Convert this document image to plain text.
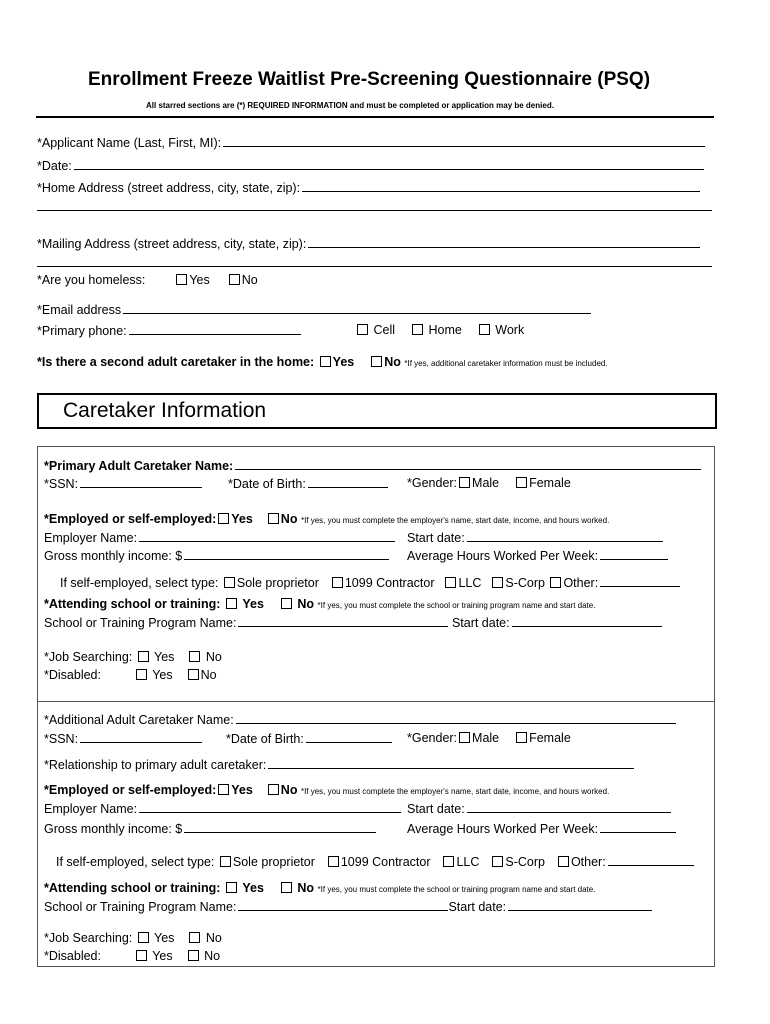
Enrollment Freeze Waitlist Pre-Screening Questionnaire (PSQ)
All starred sections are (*) REQUIRED INFORMATION and must be completed or application may be denied.
*Applicant Name (Last, First, MI):
*Date:
*Home Address (street address, city, state, zip):
*Mailing Address (street address, city, state, zip):
*Are you homeless:	Yes	No
*Email address
*Primary phone:	Cell	Home	Work
*Is there a second adult caretaker in the home: Yes No *If yes, additional caretaker information must be included.
Caretaker Information
*Primary Adult Caretaker Name:
*SSN:	*Date of Birth:	*Gender: Male Female
*Employed or self-employed: Yes No *If yes, you must complete the employer's name, start date, income, and hours worked.
Employer Name:	Start date:
Gross monthly income: $	Average Hours Worked Per Week:
If self-employed, select type: Sole proprietor 1099 Contractor LLC S-Corp Other:
*Attending school or training: Yes	No *If yes, you must complete the school or training program name and start date.
School or Training Program Name:	Start date:
*Job Searching: Yes	No
*Disabled:	Yes No
*Additional Adult Caretaker Name:
*SSN:	*Date of Birth:	*Gender: Male Female
*Relationship to primary adult caretaker:
*Employed or self-employed: Yes No *If yes, you must complete the employer's name, start date, income, and hours worked.
Employer Name:	Start date:
Gross monthly income: $	Average Hours Worked Per Week:
If self-employed, select type: Sole proprietor 1099 Contractor LLC S-Corp Other:
*Attending school or training: Yes	No *If yes, you must complete the school or training program name and start date.
School or Training Program Name:	Start date:
*Job Searching: Yes	No
*Disabled:	Yes	No
